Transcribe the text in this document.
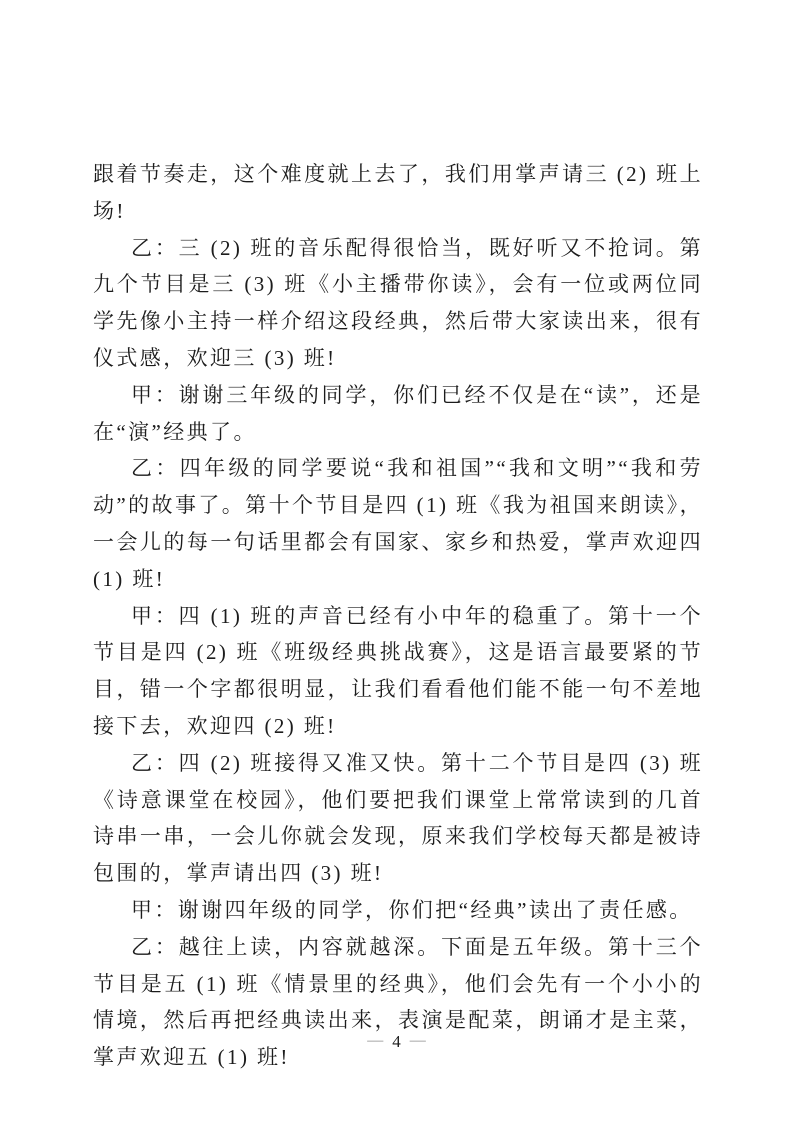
跟着节奏走，这个难度就上去了，我们用掌声请三 (2) 班上场!

乙：三 (2) 班的音乐配得很恰当，既好听又不抢词。第九个节目是三 (3) 班《小主播带你读》，会有一位或两位同学先像小主持一样介绍这段经典，然后带大家读出来，很有仪式感，欢迎三 (3) 班!

甲：谢谢三年级的同学，你们已经不仅是在“读”，还是在“演”经典了。

乙：四年级的同学要说“我和祖国”“我和文明”“我和劳动”的故事了。第十个节目是四 (1) 班《我为祖国来朗读》，一会儿的每一句话里都会有国家、家乡和热爱，掌声欢迎四 (1) 班!

甲：四 (1) 班的声音已经有小中年的稳重了。第十一个节目是四 (2) 班《班级经典挑战赛》，这是语言最要紧的节目，错一个字都很明显，让我们看看他们能不能一句不差地接下去，欢迎四 (2) 班!

乙：四 (2) 班接得又准又快。第十二个节目是四 (3) 班《诗意课堂在校园》，他们要把我们课堂上常常读到的几首诗串一串，一会儿你就会发现，原来我们学校每天都是被诗包围的，掌声请出四 (3) 班!

甲：谢谢四年级的同学，你们把“经典”读出了责任感。

乙：越往上读，内容就越深。下面是五年级。第十三个节目是五 (1) 班《情景里的经典》，他们会先有一个小小的情境，然后再把经典读出来，表演是配菜，朗诵才是主菜，掌声欢迎五 (1) 班!

— 4 —
